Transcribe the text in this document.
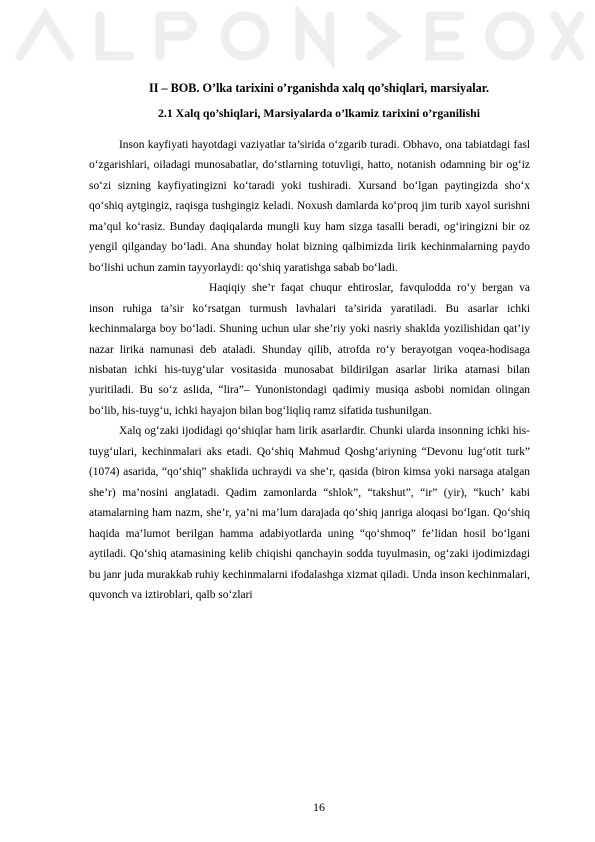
II – BOB. O’lka tarixini o’rganishda xalq qo’shiqlari, marsiyalar.
2.1 Xalq qo’shiqlari, Marsiyalarda o’lkamiz tarixini o’rganilishi

Inson kayfiyati hayotdagi vaziyatlar ta’sirida o‘zgarib turadi. Obhavo, ona tabiatdagi fasl o‘zgarishlari, oiladagi munosabatlar, do‘stlarning totuvligi, hatto, notanish odamning bir og‘iz so‘zi sizning kayfiyatingizni ko‘taradi yoki tushiradi. Xursand bo‘lgan paytingizda sho‘x qo‘shiq aytgingiz, raqisga tushgingiz keladi. Noxush damlarda ko‘proq jim turib xayol surishni ma’qul ko‘rasiz. Bunday daqiqalarda mungli kuy ham sizga tasalli beradi, og‘iringizni bir oz yengil qilganday bo‘ladi. Ana shunday holat bizning qalbimizda lirik kechinmalarning paydo bo‘lishi uchun zamin tayyorlaydi: qo‘shiq yaratishga sabab bo‘ladi.

Haqiqiy she’r faqat chuqur ehtiroslar, favqulodda ro‘y bergan va inson ruhiga ta’sir ko‘rsatgan turmush lavhalari ta’sirida yaratiladi. Bu asarlar ichki kechinmalarga boy bo‘ladi. Shuning uchun ular she’riy yoki nasriy shaklda yozilishidan qat’iy nazar lirika namunasi deb ataladi. Shunday qilib, atrofda ro‘y berayotgan voqea-hodisaga nisbatan ichki his-tuyg‘ular vositasida munosabat bildirilgan asarlar lirika atamasi bilan yuritiladi. Bu so‘z aslida, “lira”– Yunonistondagi qadimiy musiqa asbobi nomidan olingan bo‘lib, his-tuyg‘u, ichki hayajon bilan bog‘liqliq ramz sifatida tushunilgan.

Xalq og‘zaki ijodidagi qo‘shiqlar ham lirik asarlardir. Chunki ularda insonning ichki his-tuyg‘ulari, kechinmalari aks etadi. Qo‘shiq Mahmud Qoshg‘ariyning “Devonu lug‘otit turk” (1074) asarida, “qo‘shiq” shaklida uchraydi va she’r, qasida (biron kimsa yoki narsaga atalgan she’r) ma’nosini anglatadi. Qadim zamonlarda “shlok”, “takshut”, “ir” (yir), “kuch’ kabi atamalarning ham nazm, she’r, ya’ni ma’lum darajada qo‘shiq janriga aloqasi bo‘lgan. Qo‘shiq haqida ma’lumot berilgan hamma adabiyotlarda uning “qo‘shmoq” fe’lidan hosil bo‘lgani aytiladi. Qo‘shiq atamasining kelib chiqishi qanchayin sodda tuyulmasin, og‘zaki ijodimizdagi bu janr juda murakkab ruhiy kechinmalarni ifodalashga xizmat qiladi. Unda inson kechinmalari, quvonch va iztiroblari, qalb so‘zlari

16
